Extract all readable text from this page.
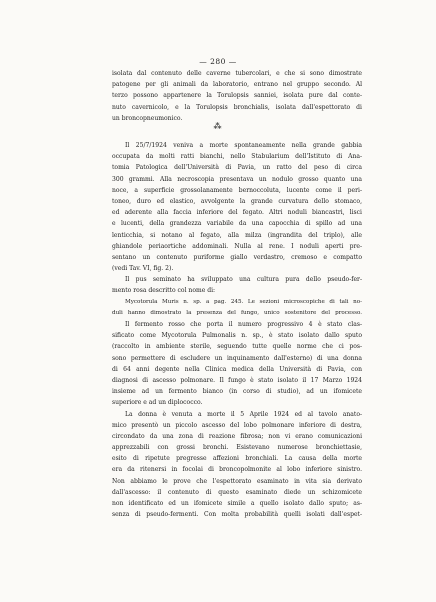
— 280 —
isolata dal contenuto delle caverne tubercolari, e che si sono dimostrate
patogene per gli animali da laboratorio, entrano nel gruppo secondo. Al
terzo possono appartenere la Torulopsis sanniei, isolata pure dal conte-
nuto cavernicolo, e la Torulopsis bronchialis, isolata dall'espettorato di
un broncopneumonico.
⁂
Il 25/7/1924 veniva a morte spontaneamente nella grande gabbia
occupata da molti ratti bianchi, nello Stabularium dell'Istituto di Ana-
tomia Patologica dell'Università di Pavia, un ratto del peso di circa
300 grammi. Alla necroscopia presentava un nodulo grosso quanto una
noce, a superficie grossolanamente bernoccoluta, lucente come il peri-
toneo, duro ed elastico, avvolgente la grande curvatura dello stomaco,
ed aderente alla faccia inferiore del fegato. Altri noduli biancastri, lisci
e lucenti, della grandezza variabile da una capocchia di spillo ad una
lenticchia, si notano al fegato, alla milza (ingrandita del triplo), alle
ghiandole periaortiche addominali. Nulla al rene. I noduli aperti pre-
sentano un contenuto puriforme giallo verdastro, cremoso e compatto
(vedi Tav. VI, fig. 2).
Il pus seminato ha sviluppato una cultura pura dello pseudo-fer-
mento rosa descritto col nome di:
Mycotorula Muris n. sp. a pag. 245. Le sezioni microscopiche di tali no-
duli hanno dimostrato la presenza del fungo, unico sostenitore del processo.
Il fermento rosso che porta il numero progressivo 4 è stato clas-
sificato come Mycotorula Pulmonalis n. sp., è stato isolato dallo sputo
(raccolto in ambiente sterile, seguendo tutte quelle norme che ci pos-
sono permettere di escludere un inquinamento dall'esterno) di una donna
di 64 anni degente nella Clinica medica della Università di Pavia, con
diagnosi di ascesso polmonare. Il fungo è stato isolato il 17 Marzo 1924
insieme ad un fermento bianco (in corso di studio), ad un ifomicete
superiore e ad un diplococco.
La donna è venuta a morte il 5 Aprile 1924 ed al tavolo anato-
mico presentò un piccolo ascesso del lobo polmonare inferiore di destra,
circondato da una zona di reazione fibrosa; non vi erano comunicazioni
apprezzabili con grossi bronchi. Esistevano numerose bronchiettasie,
esito di ripetute pregresse affezioni bronchiali. La causa della morte
era da ritenersi in focolai di broncopolmonite al lobo inferiore sinistro.
Non abbiamo le prove che l'espettorato esaminato in vita sia derivato
dall'ascesso: il contenuto di questo esaminato diede un schizomicete
non identificato ed un ifomicete simile a quello isolato dallo sputo; as-
senza di pseudo-fermenti. Con molta probabilità quelli isolati dall'espet-
